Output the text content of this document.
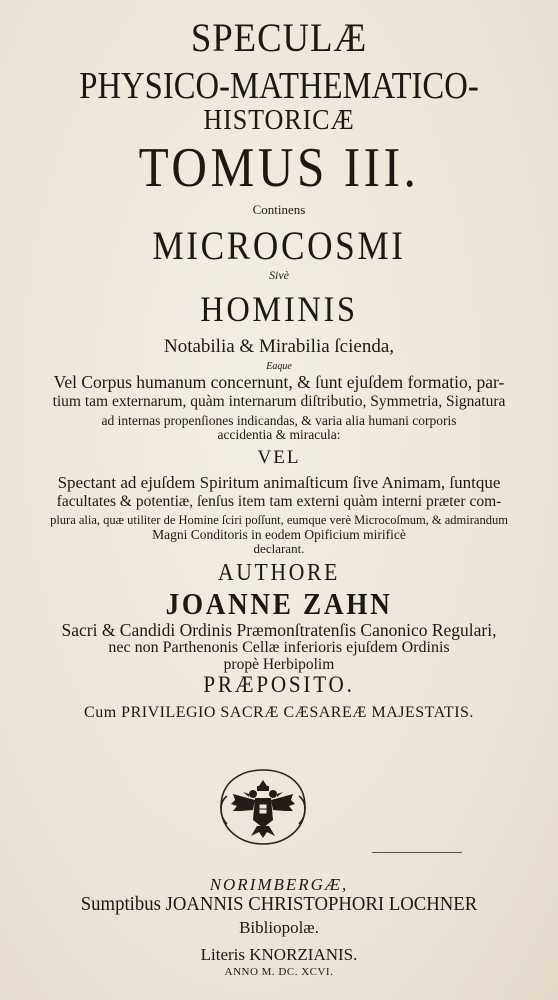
SPECULÆ

PHYSICO-MATHEMATICO-

HISTORICÆ

TOMUS III.

Continens

MICROCOSMI

Sivè

HOMINIS

Notabilia & Mirabilia ſcienda,

Eaque

Vel Corpus humanum concernunt, & ſunt ejuſdem formatio, par-

tium tam externarum, quàm internarum diſtributio, Symmetria, Signatura

ad internas propenſiones indicandas, & varia alia humani corporis

accidentia & miracula:

VEL

Spectant ad ejuſdem Spiritum animaſticum ſive Animam, ſuntque

facultates & potentiæ, ſenſus item tam externi quàm interni præter com-

plura alia, quæ utiliter de Homine ſciri poſſunt, eumque verè Microcoſmum, & admirandum

Magni Conditoris in eodem Opificium mirificè

declarant.

AUTHORE

JOANNE ZAHN

Sacri & Candidi Ordinis Præmonſtratenſis Canonico Regulari,

nec non Parthenonis Cellæ inferioris ejuſdem Ordinis

propè Herbipolim

PRÆPOSITO.

Cum PRIVILEGIO SACRÆ CÆSAREÆ MAJESTATIS.

NORIMBERGÆ,

Sumptibus JOANNIS CHRISTOPHORI LOCHNER

Bibliopolæ.

Literis KNORZIANIS.

ANNO M. DC. XCVI.
